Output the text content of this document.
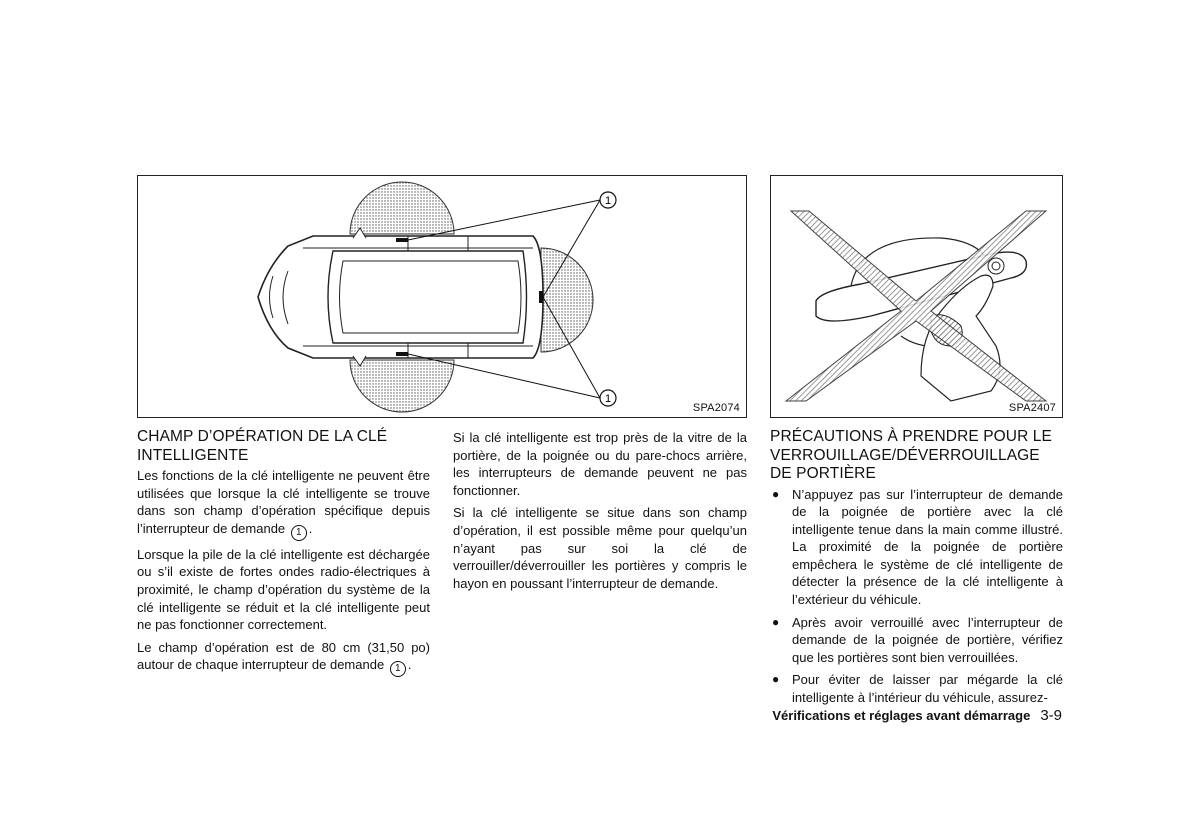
1
1
SPA2074	SPA2407
CHAMP D’OPÉRATION DE LA CLÉ INTELLIGENTE

Les fonctions de la clé intelligente ne peuvent être utilisées que lorsque la clé intelligente se trouve dans son champ d’opération spécifique depuis l’interrupteur de demande 1 .

Lorsque la pile de la clé intelligente est déchargée ou s’il existe de fortes ondes radio-électriques à proximité, le champ d’opération du système de la clé intelligente se réduit et la clé intelligente peut ne pas fonctionner correctement.

Le champ d’opération est de 80 cm (31,50 po) autour de chaque interrupteur de demande 1 .

Si la clé intelligente est trop près de la vitre de la portière, de la poignée ou du pare-chocs arrière, les interrupteurs de demande peuvent ne pas fonctionner.

Si la clé intelligente se situe dans son champ d’opération, il est possible même pour quelqu’un n’ayant pas sur soi la clé de verrouiller/déverrouiller les portières y compris le hayon en poussant l’interrupteur de demande.

PRÉCAUTIONS À PRENDRE POUR LE VERROUILLAGE/DÉVERROUILLAGE DE PORTIÈRE
● N’appuyez pas sur l’interrupteur de demande de la poignée de portière avec la clé intelligente tenue dans la main comme illustré. La proximité de la poignée de portière empêchera le système de clé intelligente de détecter la présence de la clé intelligente à l’extérieur du véhicule.
● Après avoir verrouillé avec l’interrupteur de demande de la poignée de portière, vérifiez que les portières sont bien verrouillées.
● Pour éviter de laisser par mégarde la clé intelligente à l’intérieur du véhicule, assurez-
Vérifications et réglages avant démarrage 3-9
